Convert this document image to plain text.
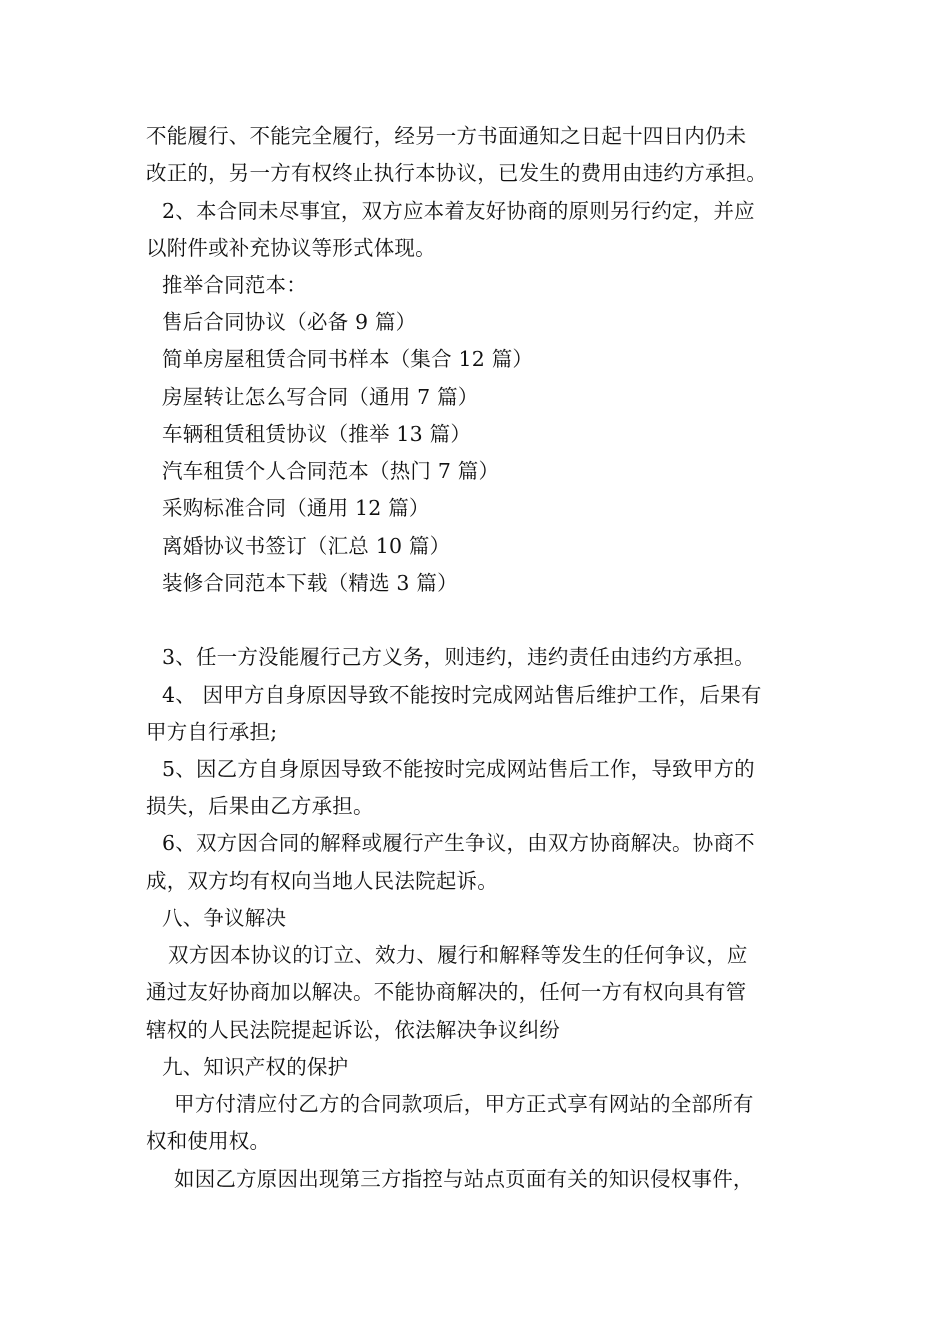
不能履行、不能完全履行，经另一方书面通知之日起十四日内仍未
改正的，另一方有权终止执行本协议，已发生的费用由违约方承担。
2、本合同未尽事宜，双方应本着友好协商的原则另行约定，并应
以附件或补充协议等形式体现。
推举合同范本：
售后合同协议（必备 9 篇）
简单房屋租赁合同书样本（集合 12 篇）
房屋转让怎么写合同（通用 7 篇）
车辆租赁租赁协议（推举 13 篇）
汽车租赁个人合同范本（热门 7 篇）
采购标准合同（通用 12 篇）
离婚协议书签订（汇总 10 篇）
装修合同范本下载（精选 3 篇）
3、任一方没能履行己方义务，则违约，违约责任由违约方承担。
4、 因甲方自身原因导致不能按时完成网站售后维护工作，后果有
甲方自行承担;
5、因乙方自身原因导致不能按时完成网站售后工作，导致甲方的
损失，后果由乙方承担。
6、双方因合同的解释或履行产生争议，由双方协商解决。协商不
成，双方均有权向当地人民法院起诉。
八、争议解决
双方因本协议的订立、效力、履行和解释等发生的任何争议，应
通过友好协商加以解决。不能协商解决的，任何一方有权向具有管
辖权的人民法院提起诉讼，依法解决争议纠纷
九、知识产权的保护
甲方付清应付乙方的合同款项后，甲方正式享有网站的全部所有
权和使用权。
如因乙方原因出现第三方指控与站点页面有关的知识侵权事件，
